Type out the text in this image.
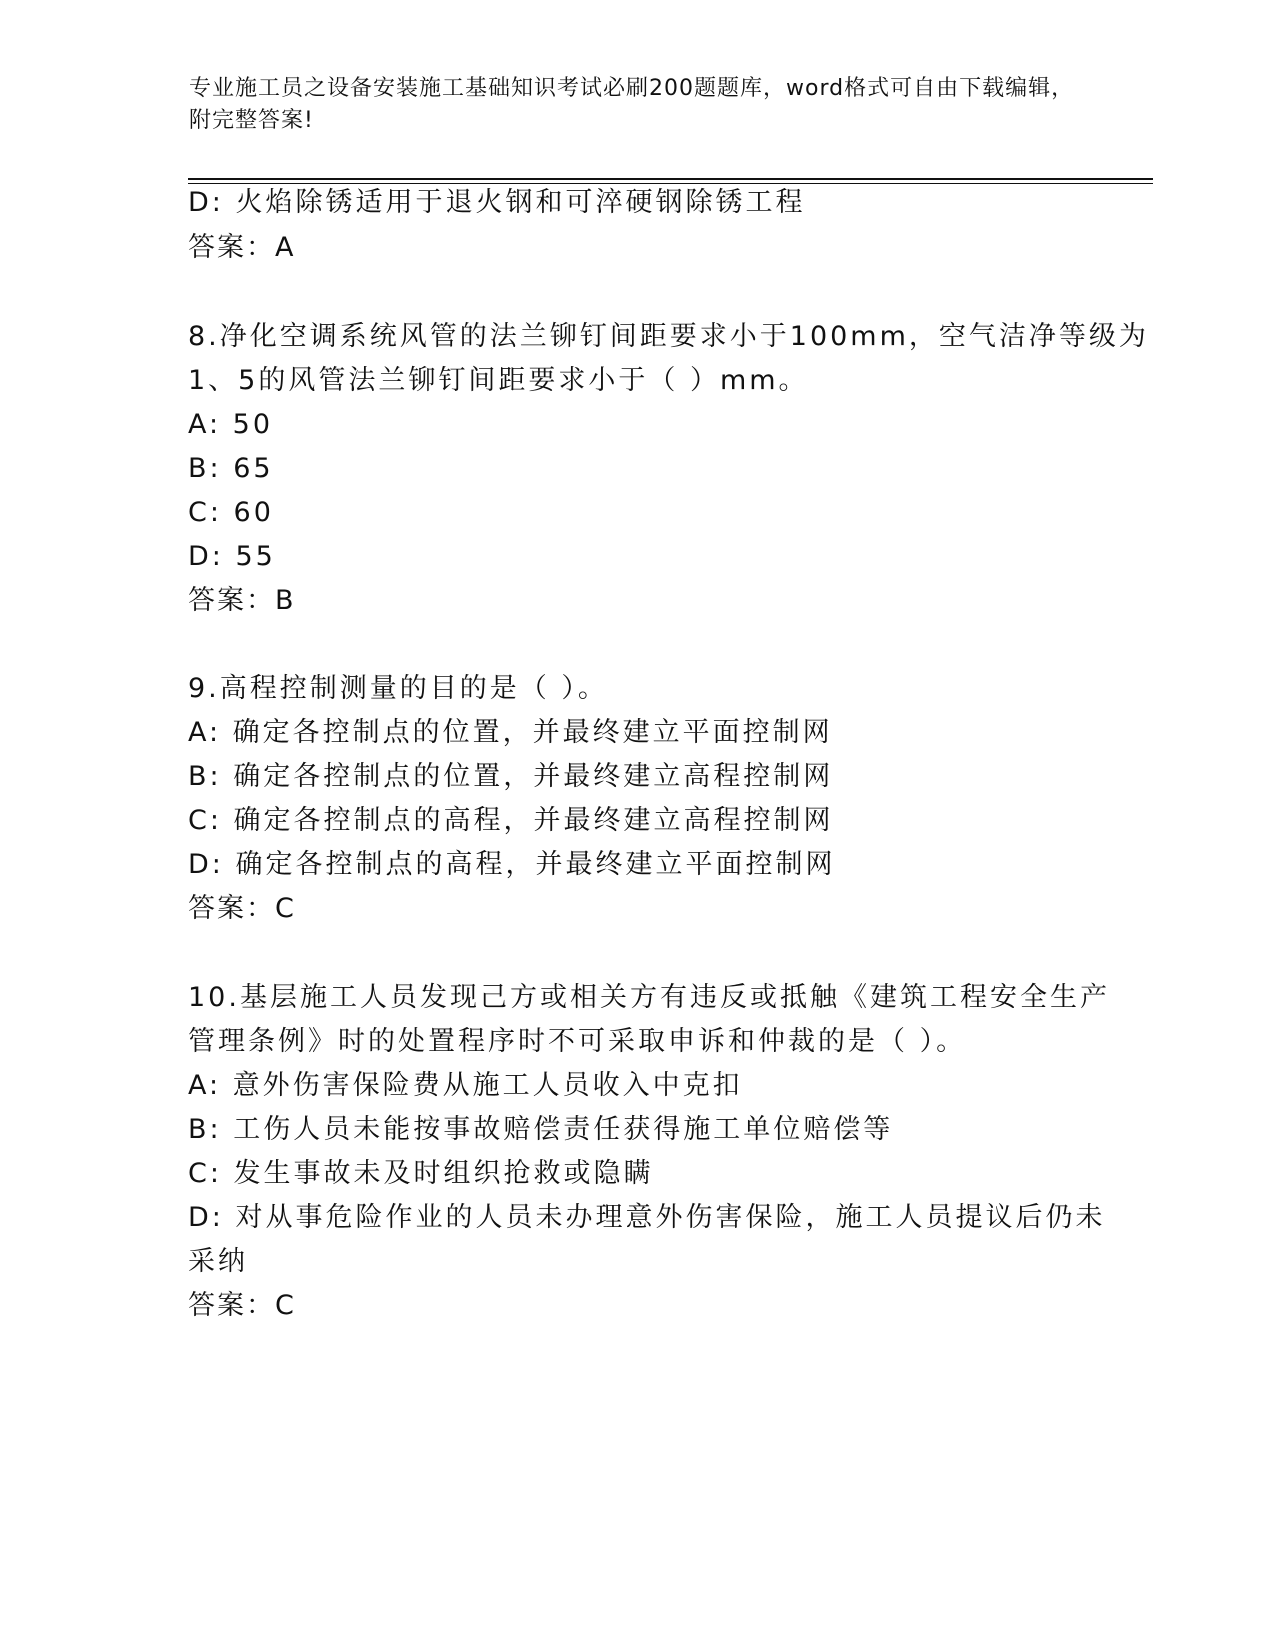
专业施工员之设备安装施工基础知识考试必刷200题题库，word格式可自由下载编辑，附完整答案!
D: 火焰除锈适用于退火钢和可淬硬钢除锈工程
答案：A
8.净化空调系统风管的法兰铆钉间距要求小于100mm，空气洁净等级为
1、5的风管法兰铆钉间距要求小于（ ）mm。
A: 50
B: 65
C: 60
D: 55
答案：B
9.高程控制测量的目的是（ ）。
A: 确定各控制点的位置，并最终建立平面控制网
B: 确定各控制点的位置，并最终建立高程控制网
C: 确定各控制点的高程，并最终建立高程控制网
D: 确定各控制点的高程，并最终建立平面控制网
答案：C
10.基层施工人员发现己方或相关方有违反或抵触《建筑工程安全生产
管理条例》时的处置程序时不可采取申诉和仲裁的是（ ）。
A: 意外伤害保险费从施工人员收入中克扣
B: 工伤人员未能按事故赔偿责任获得施工单位赔偿等
C: 发生事故未及时组织抢救或隐瞒
D: 对从事危险作业的人员未办理意外伤害保险，施工人员提议后仍未
采纳
答案：C
